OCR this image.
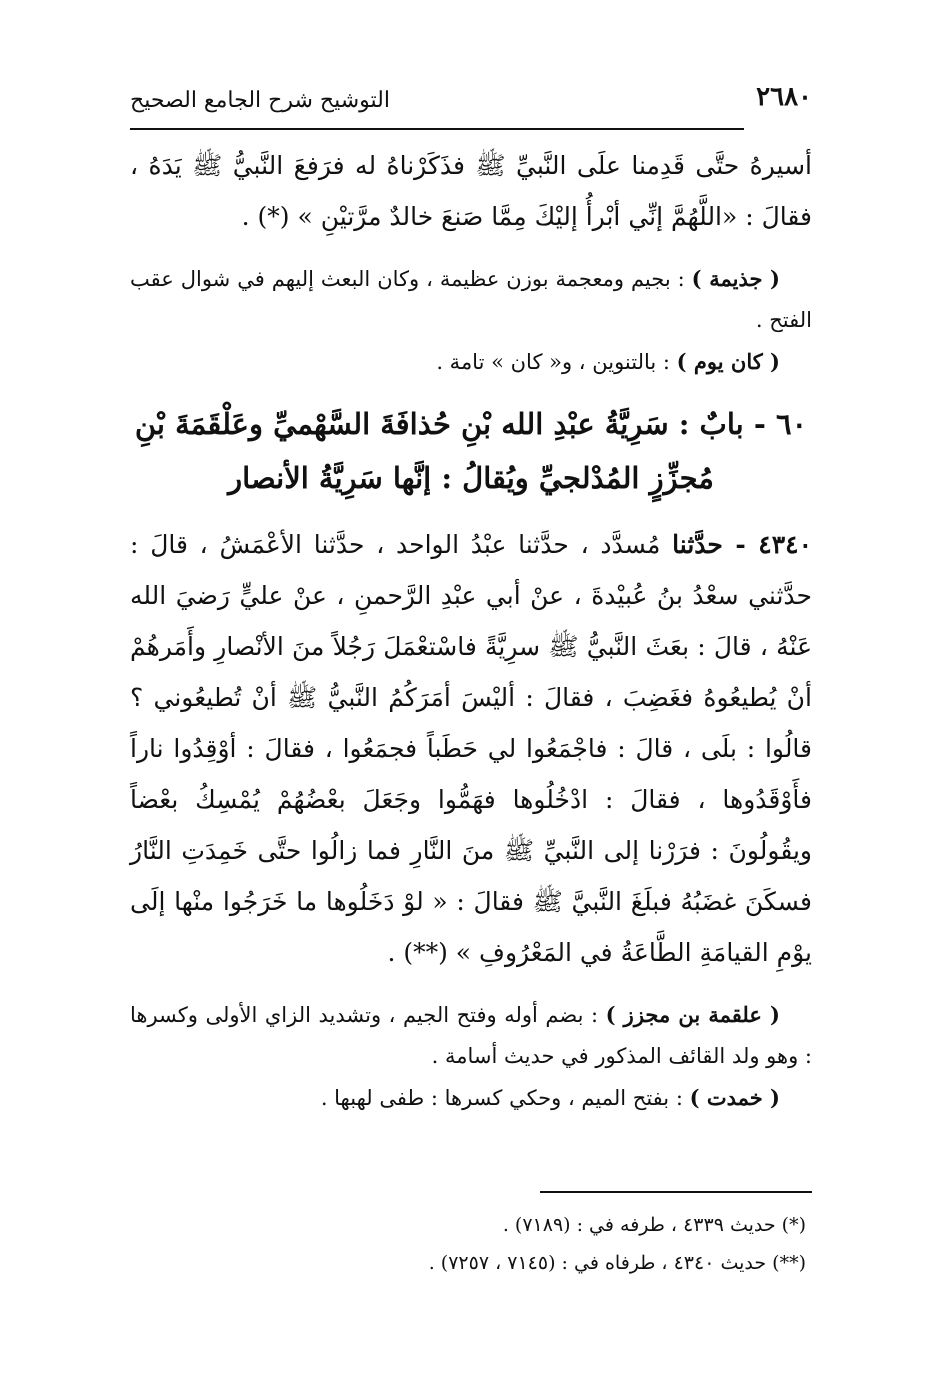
التوشيح شرح الجامع الصحيح	٢٦٨٠

أسيرهُ حتَّى قَدِمنا علَى النَّبيِّ ﷺ فذَكَرْناهُ له فرَفعَ النَّبيُّ ﷺ يَدَهُ ، فقالَ : «اللَّهُمَّ إنِّي أبْرأُ إليْكَ مِمَّا صَنعَ خالدٌ مرَّتيْنِ » (*) .

( جذيمة ) : بجيم ومعجمة بوزن عظيمة ، وكان البعث إليهم في شوال عقب الفتح .

( كان يوم ) : بالتنوين ، و« كان » تامة .

٦٠ - بابٌ : سَرِيَّةُ عبْدِ الله بْنِ حُذافَةَ السَّهْميِّ وعَلْقَمَةَ بْنِ مُجزِّزٍ المُدْلجيِّ ويُقالُ : إنَّها سَرِيَّةُ الأنصار

٤٣٤٠ - حدَّثنا مُسدَّد ، حدَّثنا عبْدُ الواحد ، حدَّثنا الأعْمَشُ ، قالَ : حدَّثني سعْدُ بنُ عُبيْدةَ ، عنْ أبي عبْدِ الرَّحمنِ ، عنْ عليٍّ رَضيَ الله عَنْهُ ، قالَ : بعَثَ النَّبيُّ ﷺ سرِيَّةً فاسْتعْمَلَ رَجُلاً منَ الأنْصارِ وأَمَرهُمْ أنْ يُطيعُوهُ فغَضِبَ ، فقالَ : أليْسَ أمَرَكُمُ النَّبيُّ ﷺ أنْ تُطيعُوني ؟ قالُوا : بلَى ، قالَ : فاجْمَعُوا لي حَطَباً فجمَعُوا ، فقالَ : أوْقِدُوا ناراً فأَوْقَدُوها ، فقالَ : ادْخُلُوها فهَمُّوا وجَعَلَ بعْضُهُمْ يُمْسِكُ بعْضاً ويقُولُونَ : فرَرْنا إلى النَّبيِّ ﷺ منَ النَّارِ فما زالُوا حتَّى خَمِدَتِ النَّارُ فسكَنَ غضَبُهُ فبلَغَ النَّبيَّ ﷺ فقالَ : « لوْ دَخَلُوها ما خَرَجُوا منْها إلَى يوْمِ القيامَةِ الطَّاعَةُ في المَعْرُوفِ » (**) .

( علقمة بن مجزز ) : بضم أوله وفتح الجيم ، وتشديد الزاي الأولى وكسرها : وهو ولد القائف المذكور في حديث أسامة .

( خمدت ) : بفتح الميم ، وحكي كسرها : طفى لهبها .

(*) حديث ٤٣٣٩ ، طرفه في : (٧١٨٩) .

(**) حديث ٤٣٤٠ ، طرفاه في : (٧١٤٥ ، ٧٢٥٧) .
